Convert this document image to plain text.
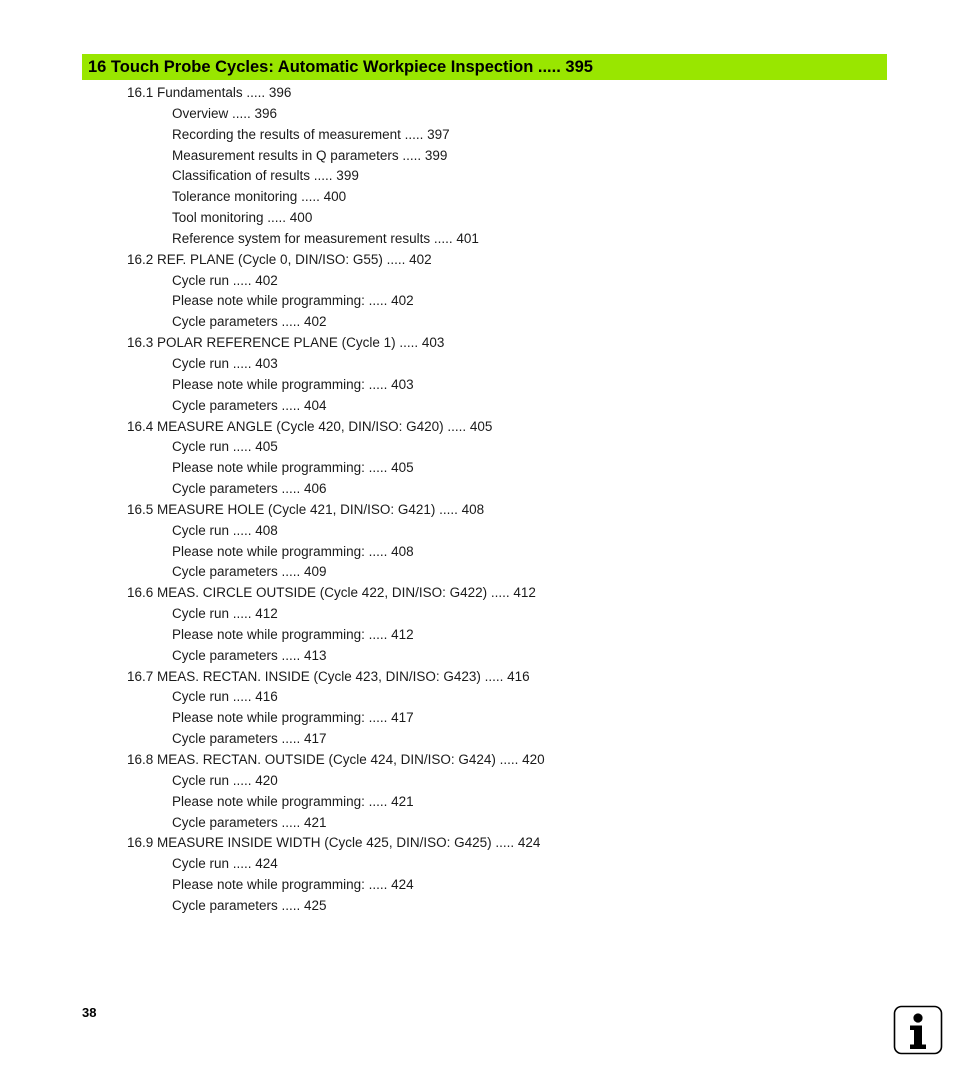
16 Touch Probe Cycles: Automatic Workpiece Inspection ..... 395
16.1 Fundamentals ..... 396
Overview ..... 396
Recording the results of measurement ..... 397
Measurement results in Q parameters ..... 399
Classification of results ..... 399
Tolerance monitoring ..... 400
Tool monitoring ..... 400
Reference system for measurement results ..... 401
16.2 REF. PLANE (Cycle 0, DIN/ISO: G55) ..... 402
Cycle run ..... 402
Please note while programming: ..... 402
Cycle parameters ..... 402
16.3 POLAR REFERENCE PLANE (Cycle 1) ..... 403
Cycle run ..... 403
Please note while programming: ..... 403
Cycle parameters ..... 404
16.4 MEASURE ANGLE (Cycle 420, DIN/ISO: G420) ..... 405
Cycle run ..... 405
Please note while programming: ..... 405
Cycle parameters ..... 406
16.5 MEASURE HOLE (Cycle 421, DIN/ISO: G421) ..... 408
Cycle run ..... 408
Please note while programming: ..... 408
Cycle parameters ..... 409
16.6 MEAS. CIRCLE OUTSIDE (Cycle 422, DIN/ISO: G422) ..... 412
Cycle run ..... 412
Please note while programming: ..... 412
Cycle parameters ..... 413
16.7 MEAS. RECTAN. INSIDE (Cycle 423, DIN/ISO: G423) ..... 416
Cycle run ..... 416
Please note while programming: ..... 417
Cycle parameters ..... 417
16.8 MEAS. RECTAN. OUTSIDE (Cycle 424, DIN/ISO: G424) ..... 420
Cycle run ..... 420
Please note while programming: ..... 421
Cycle parameters ..... 421
16.9 MEASURE INSIDE WIDTH (Cycle 425, DIN/ISO: G425) ..... 424
Cycle run ..... 424
Please note while programming: ..... 424
Cycle parameters ..... 425
38
